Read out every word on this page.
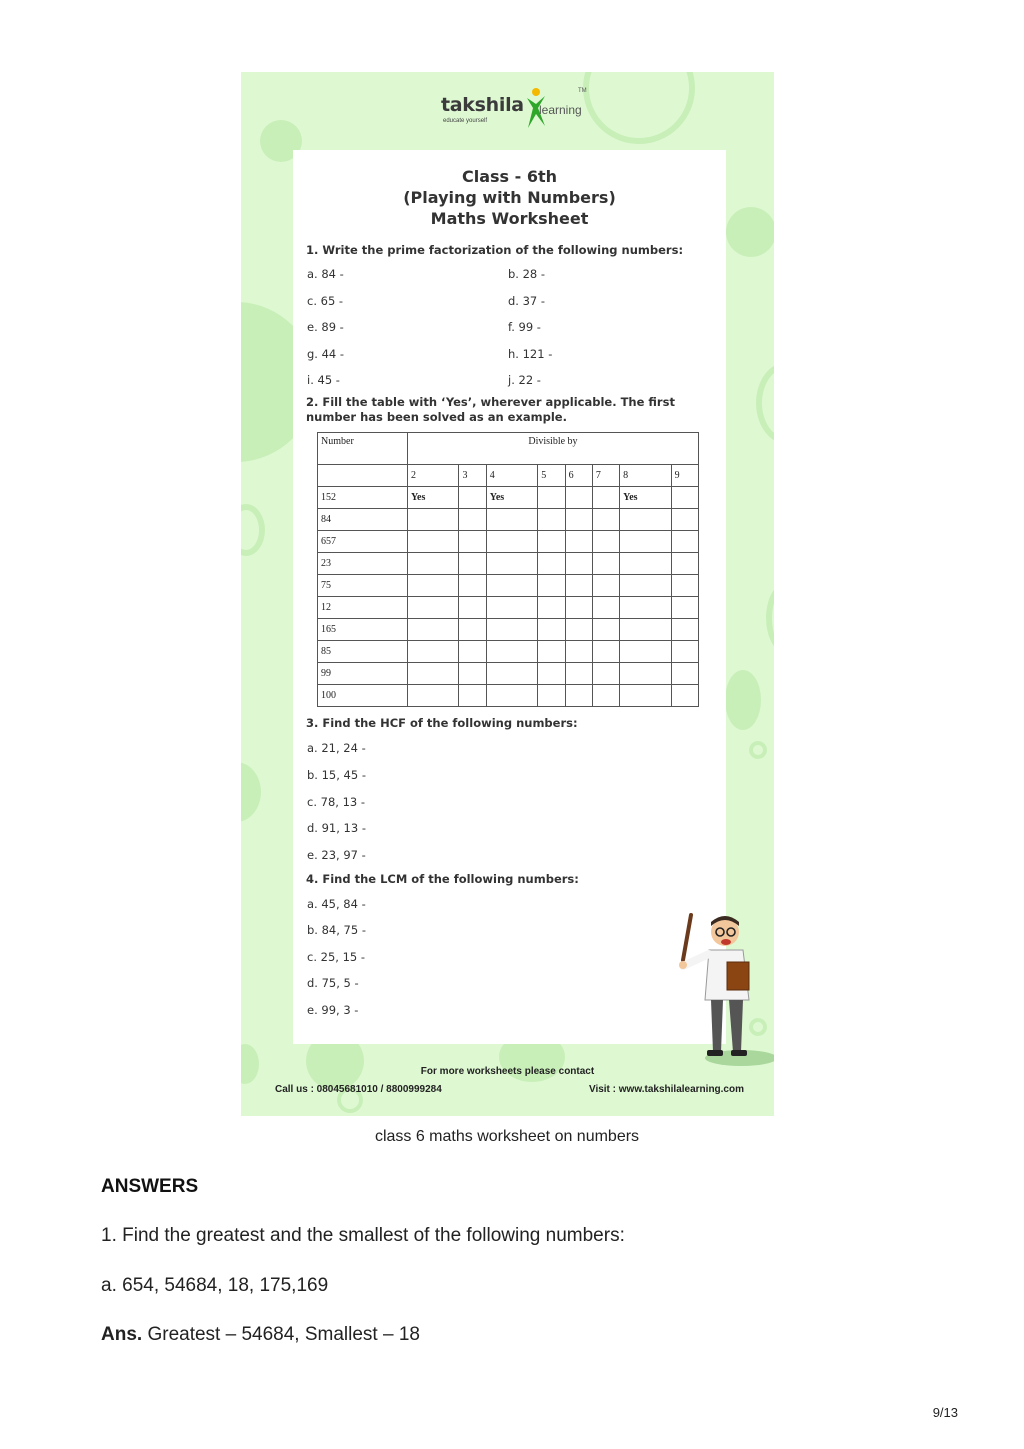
takshila
educate yourself
learning
TM
Class - 6th
(Playing with Numbers)
Maths Worksheet
1. Write the prime factorization of the following numbers:
a. 84 -	b. 28 -
c. 65 -	d. 37 -
e. 89 -	f. 99 -
g. 44 -	h. 121 -
i. 45 -	j. 22 -
2. Fill the table with ‘Yes’, wherever applicable. The first number has been solved as an example.
Number	Divisible by							
	2	3	4	5	6	7	8	9
152	Yes		Yes				Yes	
84								
657								
23								
75								
12								
165								
85								
99								
100								
3. Find the HCF of the following numbers:
a. 21, 24 -
b. 15, 45 -
c. 78, 13 -
d. 91, 13 -
e. 23, 97 -
4. Find the LCM of the following numbers:
a. 45, 84 -
b. 84, 75 -
c. 25, 15 -
d. 75, 5 -
e. 99, 3 -
For more worksheets please contact
Call us : 08045681010 / 8800999284	Visit : www.takshilalearning.com
class 6 maths worksheet on numbers
ANSWERS
1. Find the greatest and the smallest of the following numbers:
a. 654, 54684, 18, 175,169
Ans. Greatest – 54684, Smallest – 18
9/13
